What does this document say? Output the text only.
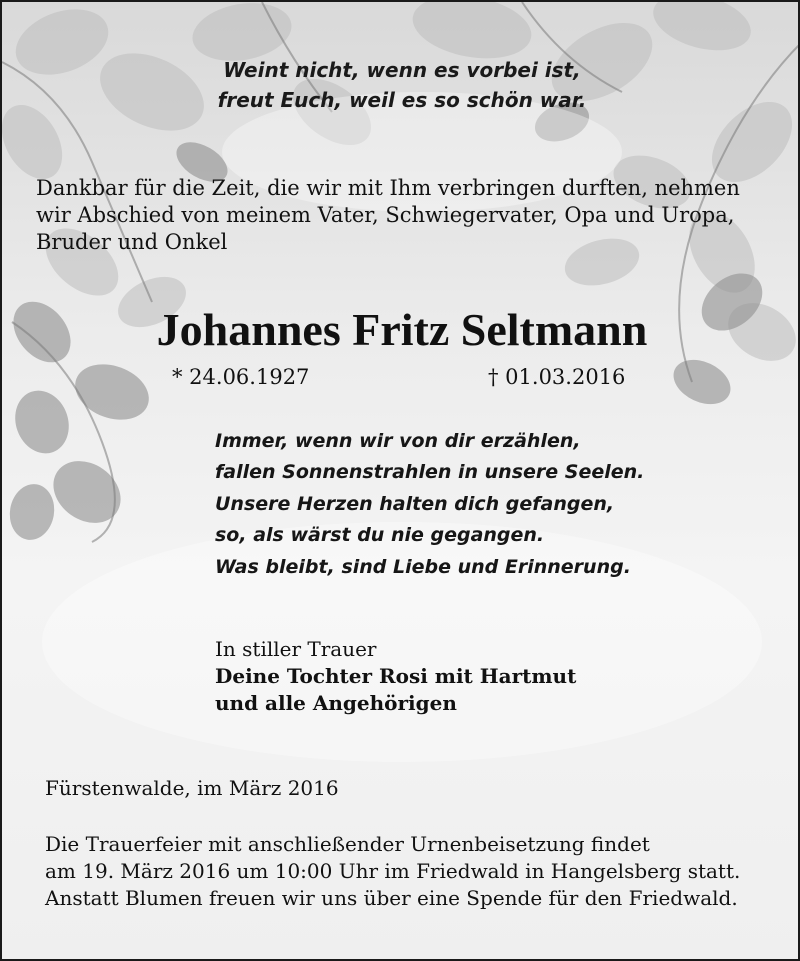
Weint nicht, wenn es vorbei ist,
freut Euch, weil es so schön war.
Dankbar für die Zeit, die wir mit Ihm verbringen durften, nehmen
wir Abschied von meinem Vater, Schwiegervater, Opa und Uropa,
Bruder und Onkel
Johannes Fritz Seltmann
* 24.06.1927	† 01.03.2016
Immer, wenn wir von dir erzählen,
fallen Sonnenstrahlen in unsere Seelen.
Unsere Herzen halten dich gefangen,
so, als wärst du nie gegangen.
Was bleibt, sind Liebe und Erinnerung.
In stiller Trauer
Deine Tochter Rosi mit Hartmut
und alle Angehörigen
Fürstenwalde, im März 2016
Die Trauerfeier mit anschließender Urnenbeisetzung findet
am 19. März 2016 um 10:00 Uhr im Friedwald in Hangelsberg statt.
Anstatt Blumen freuen wir uns über eine Spende für den Friedwald.
